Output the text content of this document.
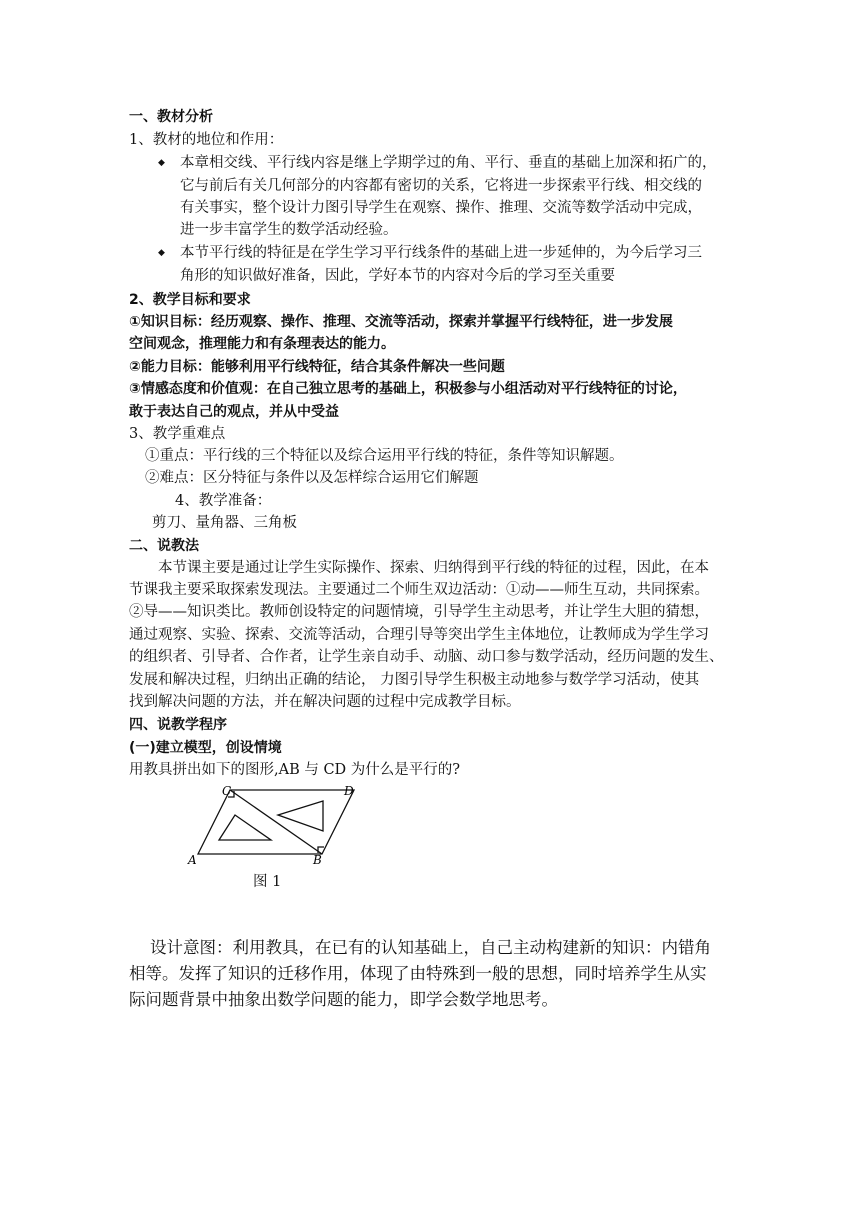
一、教材分析
1、教材的地位和作用：
◆ 本章相交线、平行线内容是继上学期学过的角、平行、垂直的基础上加深和拓广的，
它与前后有关几何部分的内容都有密切的关系，它将进一步探索平行线、相交线的
有关事实，整个设计力图引导学生在观察、操作、推理、交流等数学活动中完成，
进一步丰富学生的数学活动经验。
◆ 本节平行线的特征是在学生学习平行线条件的基础上进一步延伸的，为今后学习三
角形的知识做好准备，因此，学好本节的内容对今后的学习至关重要
2、教学目标和要求
①知识目标：经历观察、操作、推理、交流等活动，探索并掌握平行线特征，进一步发展
空间观念，推理能力和有条理表达的能力。
②能力目标：能够利用平行线特征，结合其条件解决一些问题
③情感态度和价值观：在自己独立思考的基础上，积极参与小组活动对平行线特征的讨论，
敢于表达自己的观点，并从中受益
3、教学重难点
①重点：平行线的三个特征以及综合运用平行线的特征，条件等知识解题。
②难点：区分特征与条件以及怎样综合运用它们解题
4、教学准备：
剪刀、量角器、三角板
二、说教法
本节课主要是通过让学生实际操作、探索、归纳得到平行线的特征的过程，因此，在本
节课我主要采取探索发现法。主要通过二个师生双边活动：①动——师生互动，共同探索。
②导——知识类比。教师创设特定的问题情境，引导学生主动思考，并让学生大胆的猜想，
通过观察、实验、探索、交流等活动，合理引导等突出学生主体地位，让教师成为学生学习
的组织者、引导者、合作者，让学生亲自动手、动脑、动口参与数学活动，经历问题的发生、
发展和解决过程，归纳出正确的结论， 力图引导学生积极主动地参与数学学习活动，使其
找到解决问题的方法，并在解决问题的过程中完成教学目标。
四、说教学程序
(一)建立模型，创设情境
用教具拼出如下的图形,AB 与 CD 为什么是平行的?
C	D
A	B
图 1
设计意图：利用教具，在已有的认知基础上，自己主动构建新的知识：内错角
相等。发挥了知识的迁移作用，体现了由特殊到一般的思想，同时培养学生从实
际问题背景中抽象出数学问题的能力，即学会数学地思考。
